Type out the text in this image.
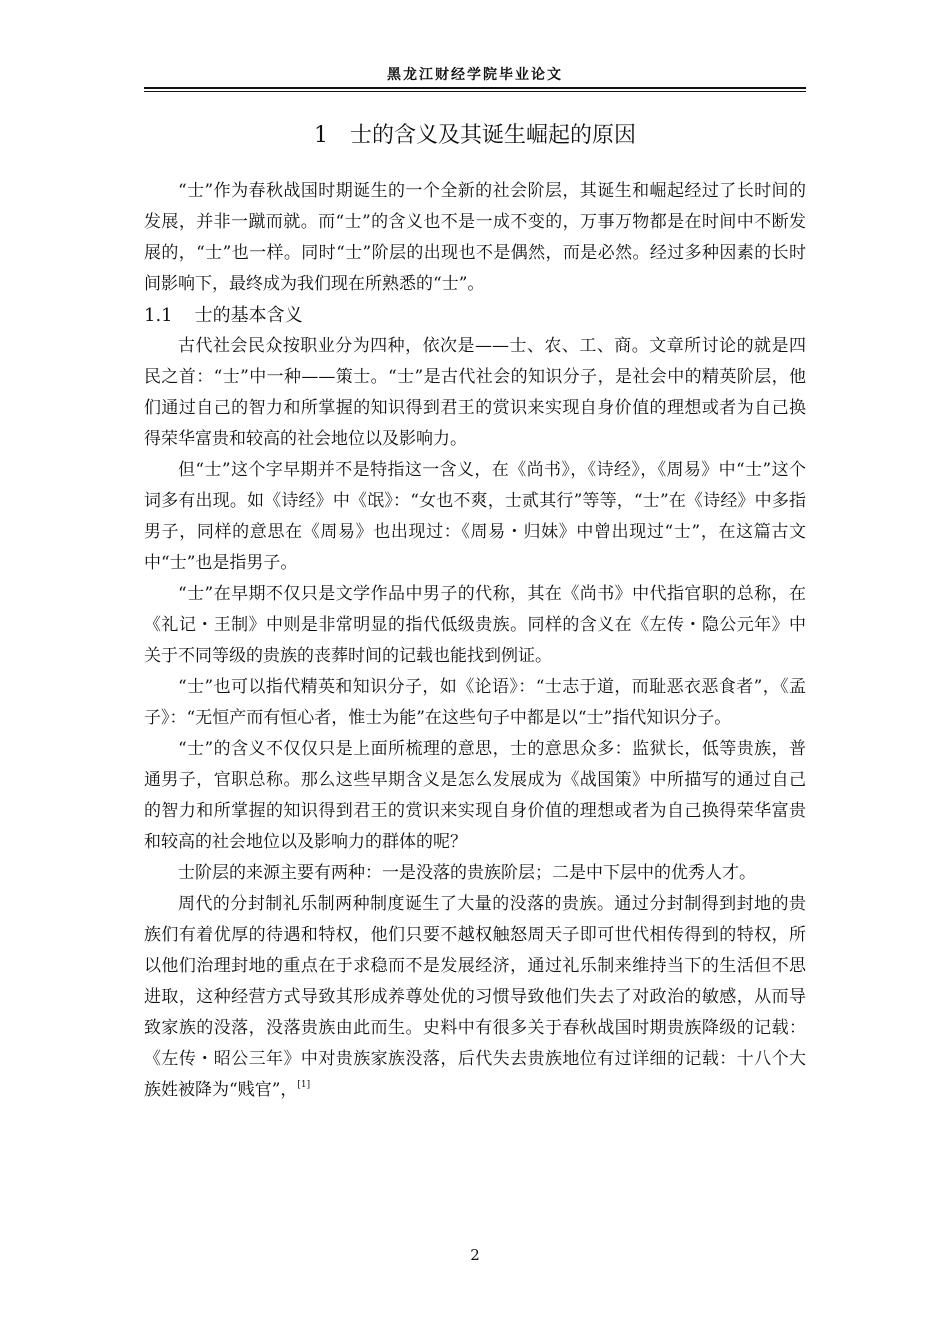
黑龙江财经学院毕业论文
1 士的含义及其诞生崛起的原因

“士”作为春秋战国时期诞生的一个全新的社会阶层，其诞生和崛起经过了长时间的发展，并非一蹴而就。而“士”的含义也不是一成不变的，万事万物都是在时间中不断发展的，“士”也一样。同时“士”阶层的出现也不是偶然，而是必然。经过多种因素的长时间影响下，最终成为我们现在所熟悉的“士”。

1.1 士的基本含义

古代社会民众按职业分为四种，依次是——士、农、工、商。文章所讨论的就是四民之首：“士”中一种——策士。“士”是古代社会的知识分子，是社会中的精英阶层，他们通过自己的智力和所掌握的知识得到君王的赏识来实现自身价值的理想或者为自己换得荣华富贵和较高的社会地位以及影响力。

但“士”这个字早期并不是特指这一含义，在《尚书》，《诗经》，《周易》中“士”这个词多有出现。如《诗经》中《氓》：“女也不爽，士贰其行”等等，“士”在《诗经》中多指男子，同样的意思在《周易》也出现过：《周易・归妹》中曾出现过“士”，在这篇古文中“士”也是指男子。

“士”在早期不仅只是文学作品中男子的代称，其在《尚书》中代指官职的总称，在《礼记・王制》中则是非常明显的指代低级贵族。同样的含义在《左传・隐公元年》中关于不同等级的贵族的丧葬时间的记载也能找到例证。

“士”也可以指代精英和知识分子，如《论语》：“士志于道，而耻恶衣恶食者”，《孟子》：“无恒产而有恒心者，惟士为能”在这些句子中都是以“士”指代知识分子。

“士”的含义不仅仅只是上面所梳理的意思，士的意思众多：监狱长，低等贵族，普通男子，官职总称。那么这些早期含义是怎么发展成为《战国策》中所描写的通过自己的智力和所掌握的知识得到君王的赏识来实现自身价值的理想或者为自己换得荣华富贵和较高的社会地位以及影响力的群体的呢？

士阶层的来源主要有两种：一是没落的贵族阶层；二是中下层中的优秀人才。

周代的分封制礼乐制两种制度诞生了大量的没落的贵族。通过分封制得到封地的贵族们有着优厚的待遇和特权，他们只要不越权触怒周天子即可世代相传得到的特权，所以他们治理封地的重点在于求稳而不是发展经济，通过礼乐制来维持当下的生活但不思进取，这种经营方式导致其形成养尊处优的习惯导致他们失去了对政治的敏感，从而导致家族的没落，没落贵族由此而生。史料中有很多关于春秋战国时期贵族降级的记载：《左传・昭公三年》中对贵族家族没落，后代失去贵族地位有过详细的记载：十八个大族姓被降为“贱官”，[1]

2
